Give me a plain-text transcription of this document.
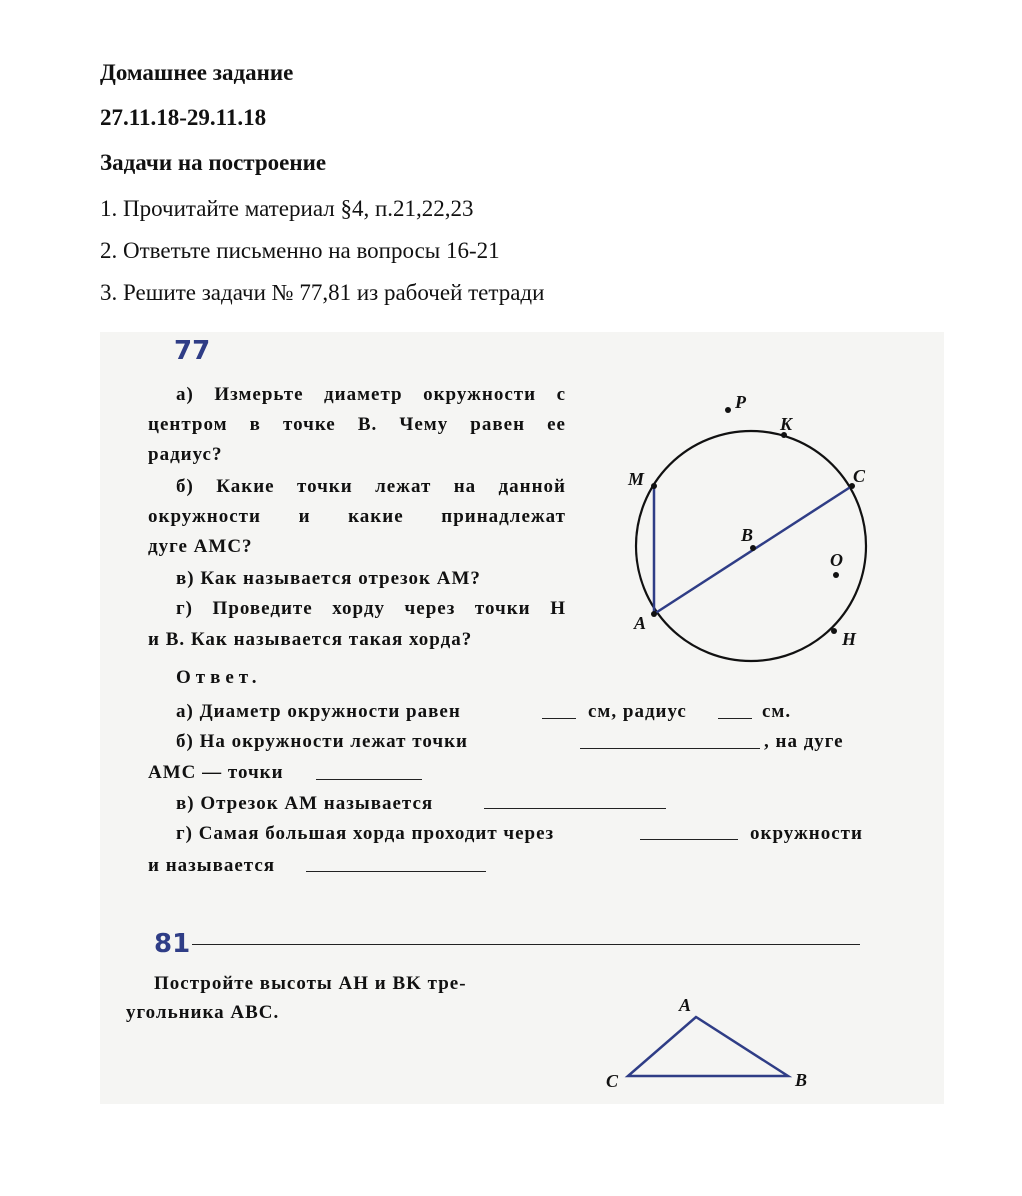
Домашнее задание
27.11.18-29.11.18
Задачи на построение
1. Прочитайте материал §4, п.21,22,23
2. Ответьте письменно на вопросы 16-21
3. Решите задачи № 77,81 из рабочей тетради
77
а) Измерьте диаметр окружности с
центром в точке B. Чему равен ее
радиус?
б) Какие точки лежат на данной
окружности и какие принадлежат
дуге AMC?
в) Как называется отрезок AM?
г) Проведите хорду через точки H
и B. Как называется такая хорда?
Ответ.
а) Диаметр окружности равен	см, радиус	см.
б) На окружности лежат точки	, на дуге
AMC — точки
в) Отрезок AM называется
г) Самая большая хорда проходит через	окружности
и называется
81
Постройте высоты AH и BK тре-
угольника ABC.
P
K
M	C
B
O
A
H
A
B
C
